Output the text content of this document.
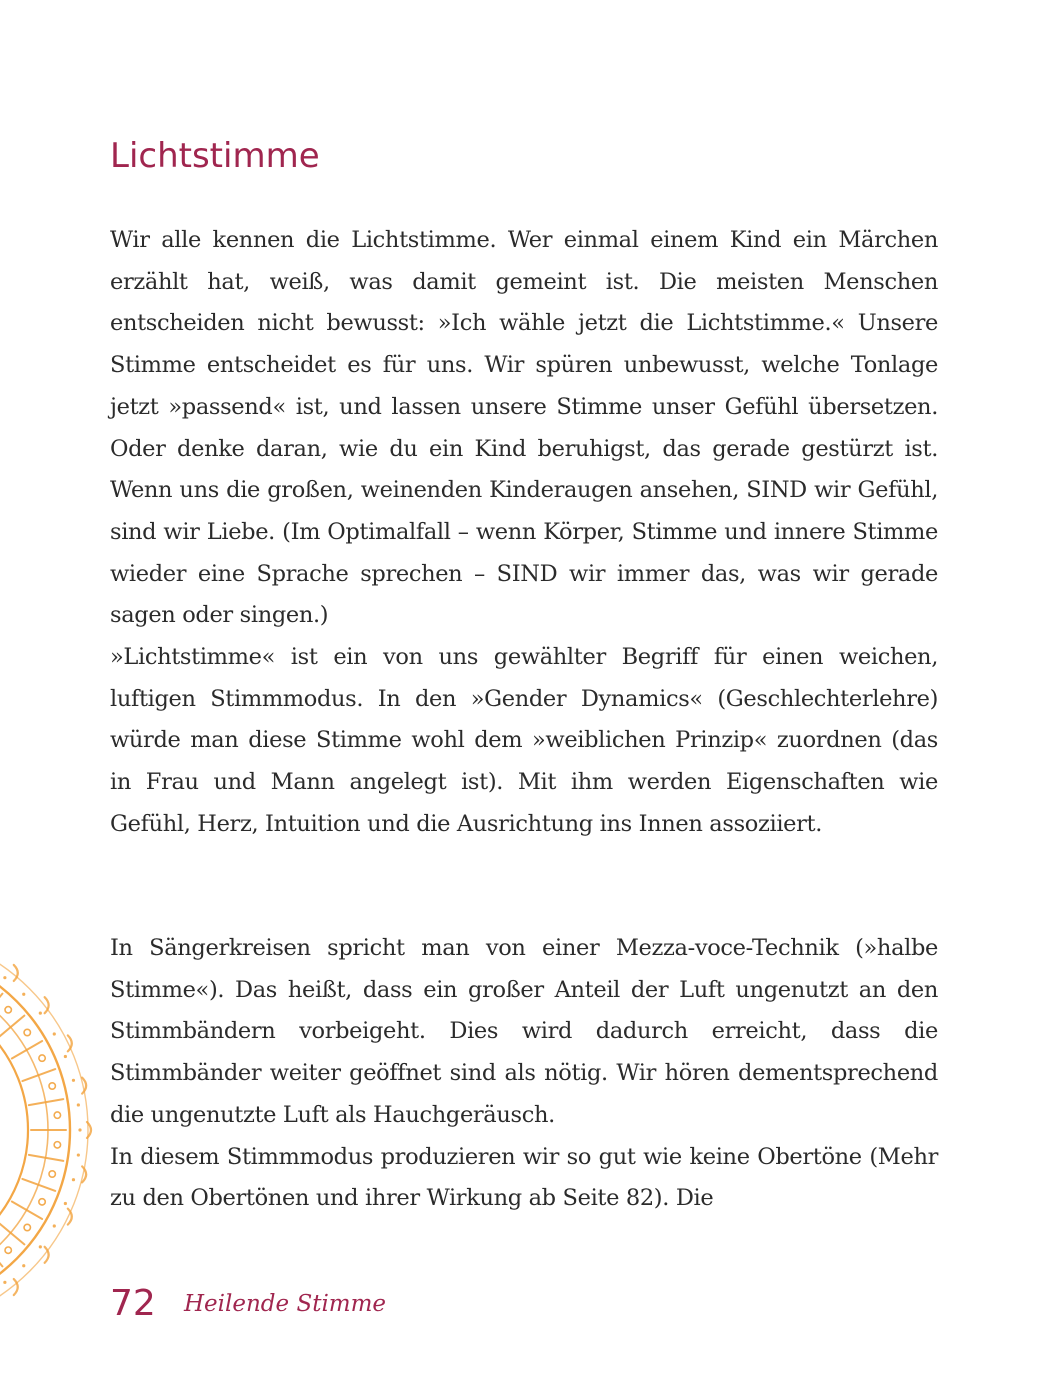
Lichtstimme

Wir alle kennen die Lichtstimme. Wer einmal einem Kind ein Märchen erzählt hat, weiß, was damit gemeint ist. Die meisten Menschen entscheiden nicht bewusst: »Ich wähle jetzt die Lichtstimme.« Unsere Stimme entscheidet es für uns. Wir spüren unbewusst, welche Tonlage jetzt »passend« ist, und lassen unsere Stimme unser Gefühl übersetzen. Oder denke daran, wie du ein Kind beruhigst, das gerade gestürzt ist. Wenn uns die großen, weinenden Kinderaugen ansehen, SIND wir Gefühl, sind wir Liebe. (Im Optimalfall – wenn Körper, Stimme und innere Stimme wieder eine Sprache sprechen – SIND wir immer das, was wir gerade sagen oder singen.)

»Lichtstimme« ist ein von uns gewählter Begriff für einen weichen, luftigen Stimmmodus. In den »Gender Dynamics« (Geschlechterlehre) würde man diese Stimme wohl dem »weiblichen Prinzip« zuordnen (das in Frau und Mann angelegt ist). Mit ihm werden Eigenschaften wie Gefühl, Herz, Intuition und die Ausrichtung ins Innen assoziiert.

In Sängerkreisen spricht man von einer Mezza-voce-Technik (»halbe Stimme«). Das heißt, dass ein großer Anteil der Luft ungenutzt an den Stimmbändern vorbeigeht. Dies wird dadurch erreicht, dass die Stimmbänder weiter geöffnet sind als nötig. Wir hören dementsprechend die ungenutzte Luft als Hauchgeräusch.

In diesem Stimmmodus produzieren wir so gut wie keine Obertöne (Mehr zu den Obertönen und ihrer Wirkung ab Seite 82). Die

72 Heilende Stimme
